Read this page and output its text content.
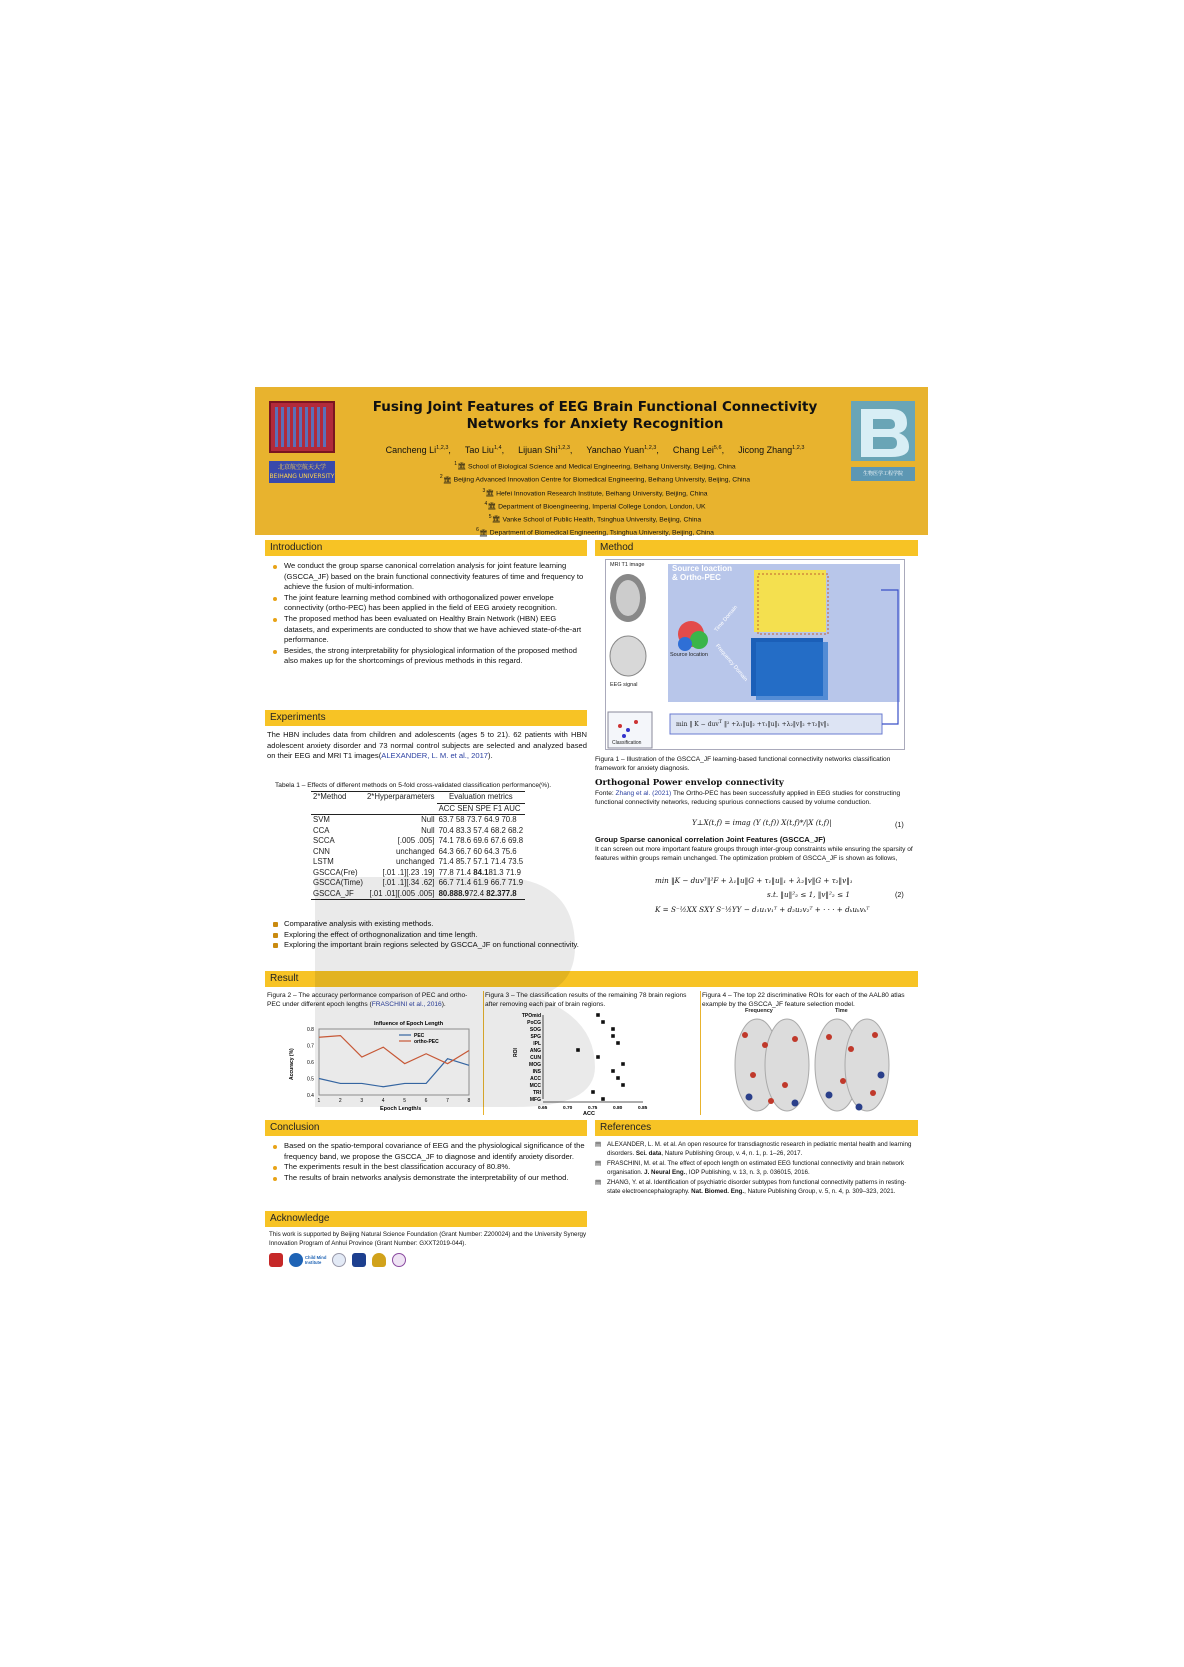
北京航空航天大学 BEIHANG UNIVERSITY	生物医学工程学院
Fusing Joint Features of EEG Brain Functional Connectivity
Networks for Anxiety Recognition
Cancheng Li$^{1,2,3}$, Tao Liu$^{1,4}$, Lijuan Shi$^{1,2,3}$, Yanchao Yuan$^{1,2,3}$, Chang Lei$^{5,6}$, Jicong Zhang$^{1,2,3}$
$^1$🏛 School of Biological Science and Medical Engineering, Beihang University, Beijing, China
$^2$🏛 Beijing Advanced Innovation Centre for Biomedical Engineering, Beihang University, Beijing, China
$^3$🏛 Hefei Innovation Research Institute, Beihang University, Beijing, China
$^4$🏛 Department of Bioengineering, Imperial College London, London, UK
$^5$🏛 Vanke School of Public Health, Tsinghua University, Beijing, China
$^6$🏛 Department of Biomedical Engineering, Tsinghua University, Beijing, China
Introduction
We conduct the group sparse canonical correlation analysis for joint feature learning (GSCCA_JF) based on the brain functional connectivity features of time and frequency to achieve the fusion of multi-information.
The joint feature learning method combined with orthogonalized power envelope connectivity (ortho-PEC) has been applied in the field of EEG anxiety recognition.
The proposed method has been evaluated on Healthy Brain Network (HBN) EEG datasets, and experiments are conducted to show that we have achieved state-of-the-art performance.
Besides, the strong interpretability for physiological information of the proposed method also makes up for the shortcomings of previous methods in this regard.
Experiments
The HBN includes data from children and adolescents (ages 5 to 21). 62 patients with HBN adolescent anxiety disorder and 73 normal control subjects are selected and analyzed based on their EEG and MRI T1 images(ALEXANDER, L. M. et al., 2017).
Tabela 1 – Effects of different methods on 5-fold cross-validated classification performance(%).
2*Method	2*Hyperparameters	Evaluation metrics
		ACC SEN SPE F1 AUC
SVM	Null	63.7 58 73.7 64.9 70.8
CCA	Null	70.4 83.3 57.4 68.2 68.2
SCCA	[.005 .005]	74.1 78.6 69.6 67.6 69.8
CNN	unchanged	64.3 66.7 60 64.3 75.6
LSTM	unchanged	71.4 85.7 57.1 71.4 73.5
GSCCA(Fre)	[.01 .1][.23 .19]	77.8 71.4 84.181.3 71.9
GSCCA(Time)	[.01 .1][.34 .62]	66.7 71.4 61.9 66.7 71.9
GSCCA_JF	[.01 .01][.005 .005]	80.888.972.4 82.377.8
Comparative analysis with existing methods.
Exploring the effect of orthognonalization and time length.
Exploring the important brain regions selected by GSCCA_JF on functional connectivity.
Method
MRI T1 image
EEG signal
Source loaction
& Ortho-PEC
Source location
Time Domain
Frequency Domain
Classification
min ‖ K − duv$^T$ ‖² +λ₁‖u‖₂ +τ₁‖u‖₁ +λ₂‖v‖₂ +τ₂‖v‖₁
Figura 1 – Illustration of the GSCCA_JF learning-based functional connectivity networks classification framework for anxiety diagnosis.
Orthogonal Power envelop connectivity
Fonte: Zhang et al. (2021) The Ortho-PEC has been successfully applied in EEG studies for constructing functional connectivity networks, reducing spurious connections caused by volume conduction.
Y⊥X(t,f) = imag (Y (t,f)) X(t,f)*/|X (t,f)|	(1)
Group Sparse canonical correlation Joint Features (GSCCA_JF)
It can screen out more important feature groups through inter-group constraints while ensuring the sparsity of features within groups remain unchanged. The optimization problem of GSCCA_JF is shown as follows,
min ‖K − duvᵀ‖²F + λ₁‖u‖G + τ₁‖u‖₁ + λ₂‖v‖G + τ₂‖v‖₁
s.t. ‖u‖²₂ ≤ 1, ‖v‖²₂ ≤ 1
K = S⁻½XX SXY S⁻½YY − d₁u₁v₁ᵀ + d₂u₂v₂ᵀ + · · · + dₖuₖvₖᵀ
(2)
Result
Figura 2 – The accuracy performance comparison of PEC and ortho-PEC under different epoch lengths (FRASCHINI et al., 2016).
Influence of Epoch Length
0.4
0.5
0.6
0.7
0.8
1	2	3	4	5	6	7	8
Epoch Length/s
Accuracy (%)
PEC
ortho-PEC
Figura 3 – The classification results of the remaining 78 brain regions after removing each pair of brain regions.
TPOmid
PoCG
SOG
SPG
IPL
ANG
CUN
MOG
INS
ACC
MCC
TRI
MFG
0.65	0.70	0.75	0.80	0.85
ACC
ROI
Figura 4 – The top 22 discriminative ROIs for each of the AAL80 atlas example by the GSCCA_JF feature selection model.
Frequency	Time
Conclusion
Based on the spatio-temporal covariance of EEG and the physiological significance of the frequency band, we propose the GSCCA_JF to diagnose and identify anxiety disorder.
The experiments result in the best classification accuracy of 80.8%.
The results of brain networks analysis demonstrate the interpretability of our method.
Acknowledge
This work is supported by Beijing Natural Science Foundation (Grant Number: Z200024) and the University Synergy Innovation Program of Anhui Province (Grant Number: GXXT2019-044).
Child Mind
Institute
References

▤ ALEXANDER, L. M. et al. An open resource for transdiagnostic research in pediatric mental health and learning disorders. Sci. data, Nature Publishing Group, v. 4, n. 1, p. 1–26, 2017.

▤ FRASCHINI, M. et al. The effect of epoch length on estimated EEG functional connectivity and brain network organisation. J. Neural Eng., IOP Publishing, v. 13, n. 3, p. 036015, 2016.

▤ ZHANG, Y. et al. Identification of psychiatric disorder subtypes from functional connectivity patterns in resting-state electroencephalography. Nat. Biomed. Eng., Nature Publishing Group, v. 5, n. 4, p. 309–323, 2021.
